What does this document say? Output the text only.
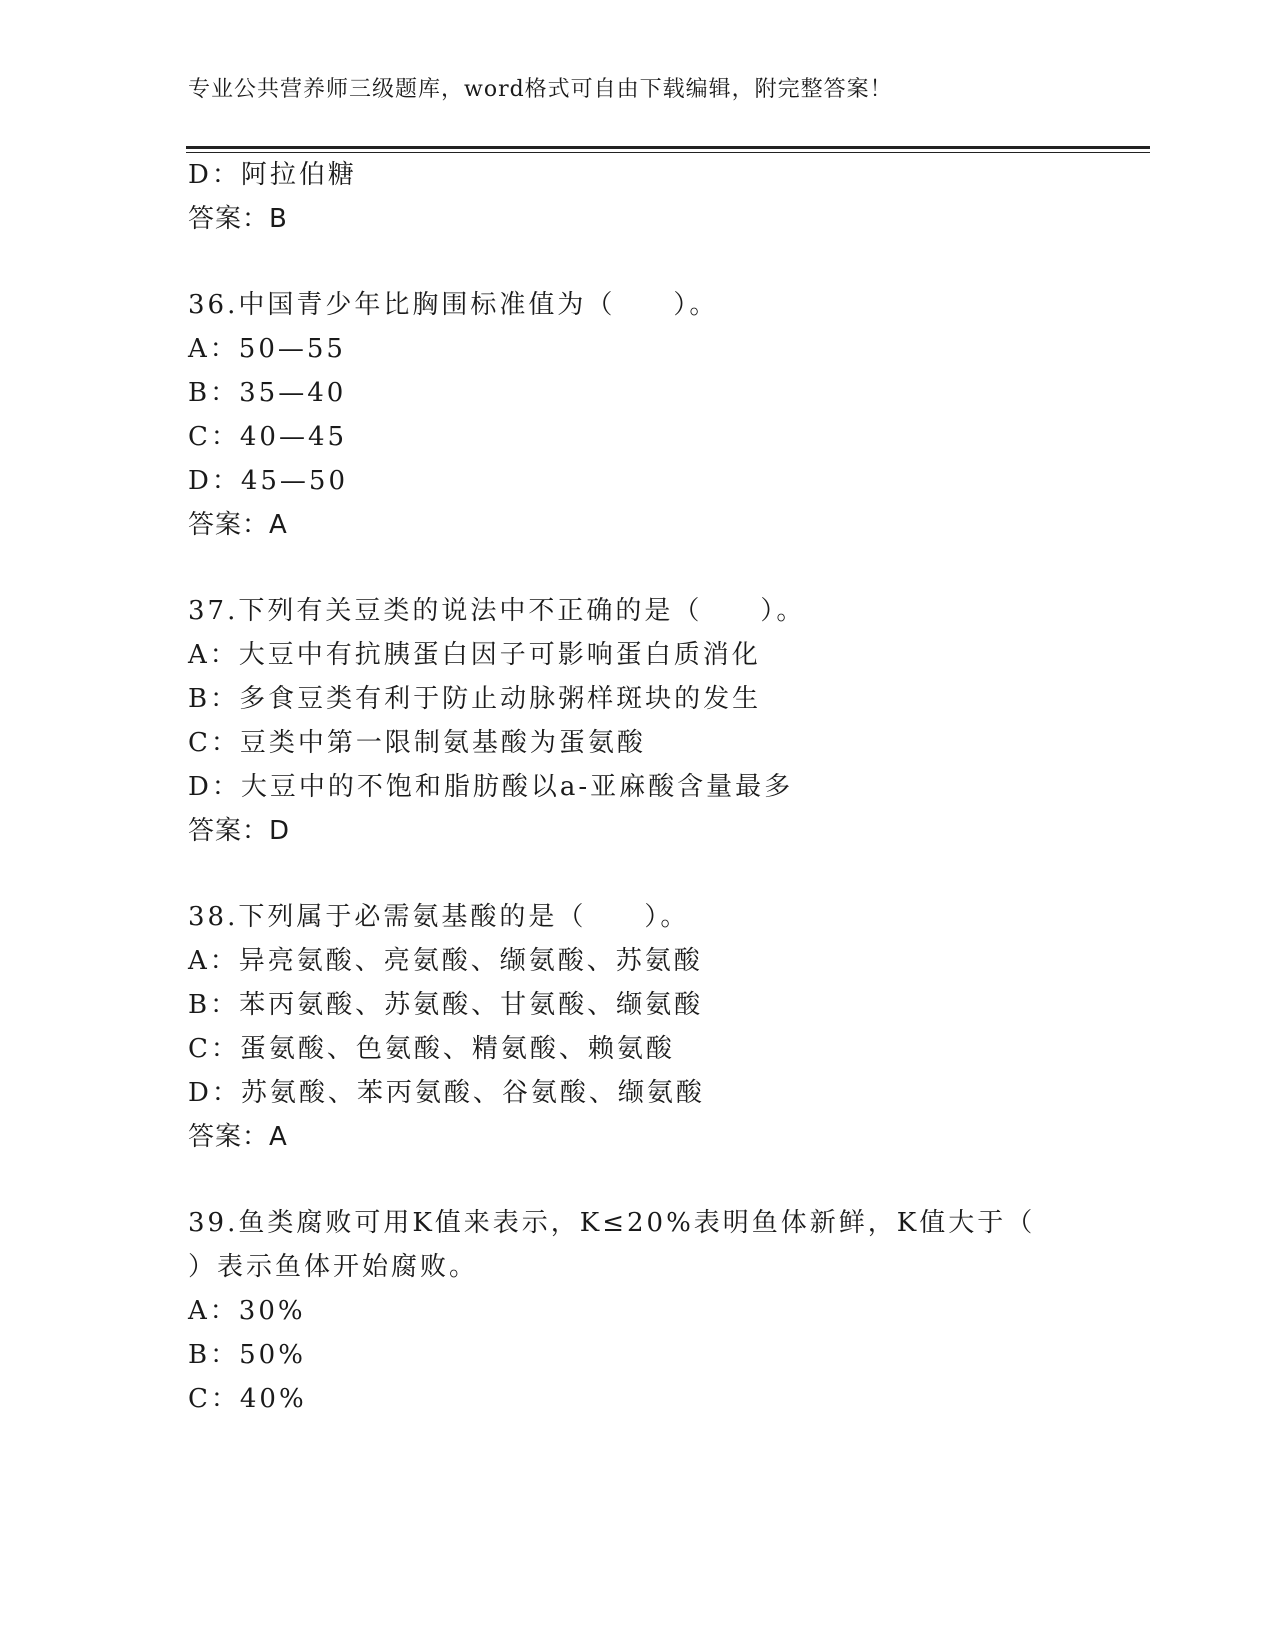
专业公共营养师三级题库，word格式可自由下载编辑，附完整答案！
D：阿拉伯糖
答案：B
36.中国青少年比胸围标准值为（　　）。
A：50—55
B：35—40
C：40—45
D：45—50
答案：A
37.下列有关豆类的说法中不正确的是（　　）。
A：大豆中有抗胰蛋白因子可影响蛋白质消化
B：多食豆类有利于防止动脉粥样斑块的发生
C：豆类中第一限制氨基酸为蛋氨酸
D：大豆中的不饱和脂肪酸以a-亚麻酸含量最多
答案：D
38.下列属于必需氨基酸的是（　　）。
A：异亮氨酸、亮氨酸、缬氨酸、苏氨酸
B：苯丙氨酸、苏氨酸、甘氨酸、缬氨酸
C：蛋氨酸、色氨酸、精氨酸、赖氨酸
D：苏氨酸、苯丙氨酸、谷氨酸、缬氨酸
答案：A
39.鱼类腐败可用K值来表示，K≤20%表明鱼体新鲜，K值大于（
）表示鱼体开始腐败。
A：30%
B：50%
C：40%
